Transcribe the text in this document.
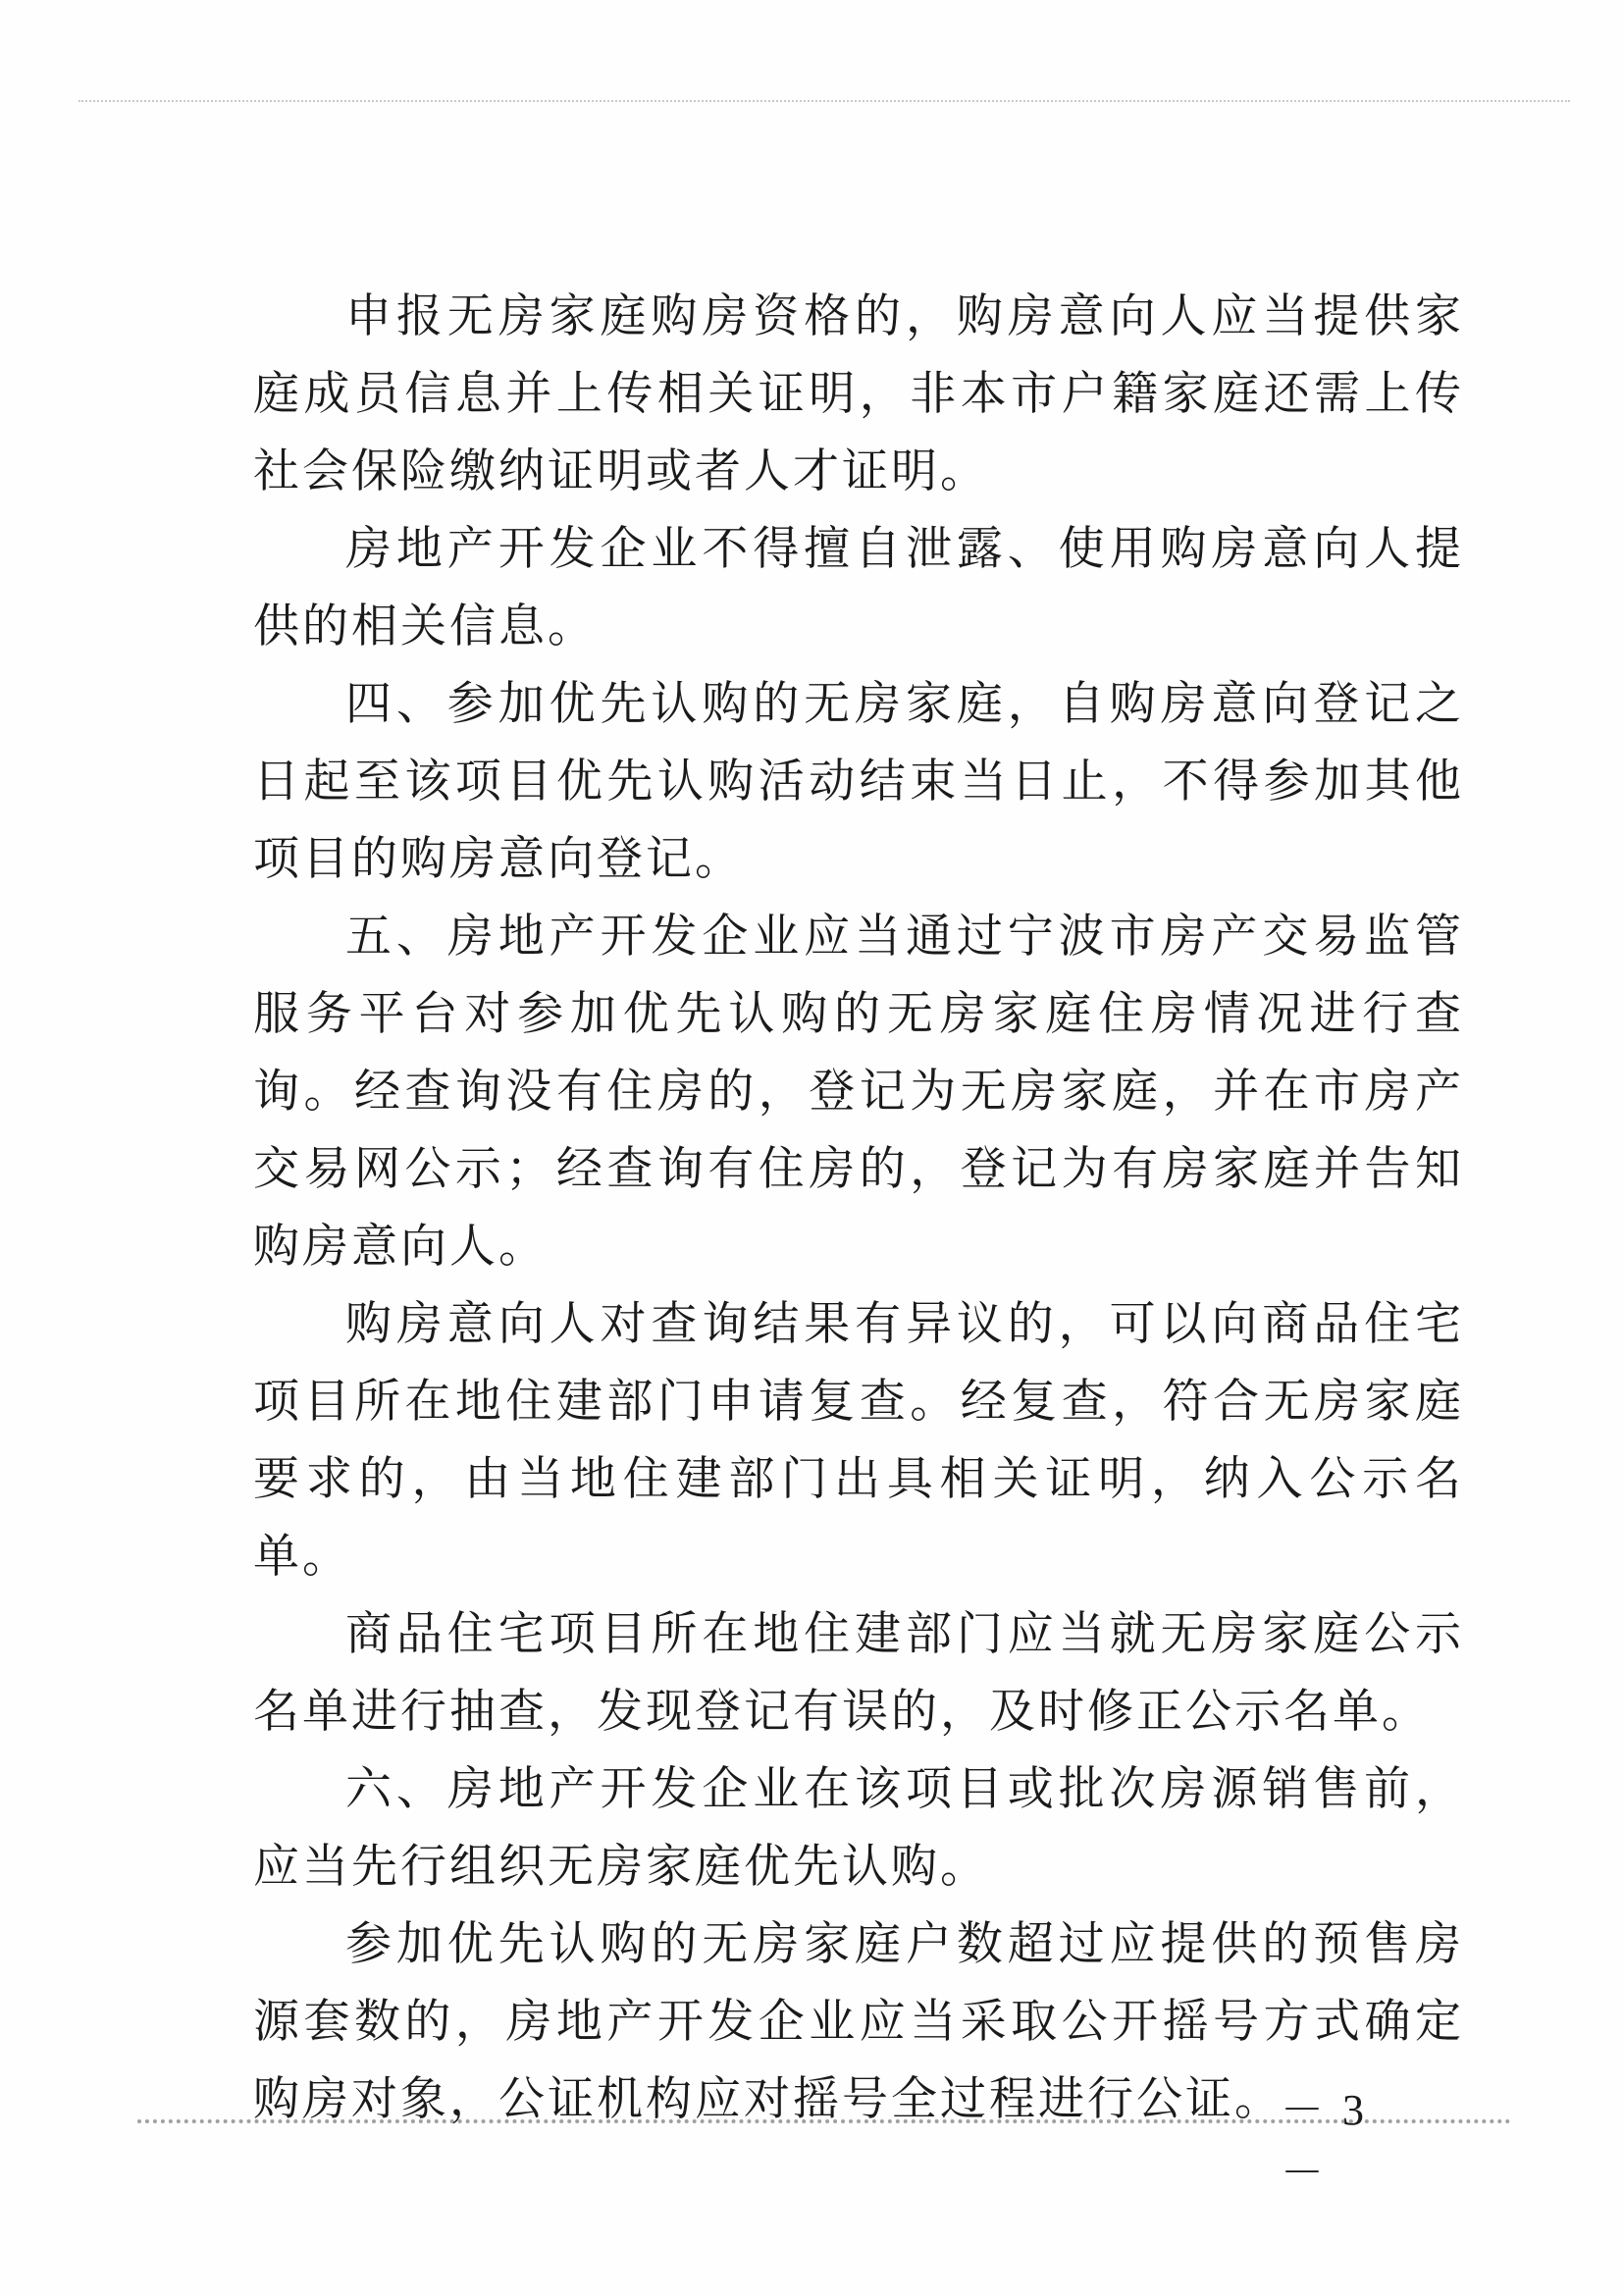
申报无房家庭购房资格的，购房意向人应当提供家庭成员信息并上传相关证明，非本市户籍家庭还需上传社会保险缴纳证明或者人才证明。

房地产开发企业不得擅自泄露、使用购房意向人提供的相关信息。

四、参加优先认购的无房家庭，自购房意向登记之日起至该项目优先认购活动结束当日止，不得参加其他项目的购房意向登记。

五、房地产开发企业应当通过宁波市房产交易监管服务平台对参加优先认购的无房家庭住房情况进行查询。经查询没有住房的，登记为无房家庭，并在市房产交易网公示；经查询有住房的，登记为有房家庭并告知购房意向人。

购房意向人对查询结果有异议的，可以向商品住宅项目所在地住建部门申请复查。经复查，符合无房家庭要求的，由当地住建部门出具相关证明，纳入公示名单。

商品住宅项目所在地住建部门应当就无房家庭公示名单进行抽查，发现登记有误的，及时修正公示名单。

六、房地产开发企业在该项目或批次房源销售前，应当先行组织无房家庭优先认购。

参加优先认购的无房家庭户数超过应提供的预售房源套数的，房地产开发企业应当采取公开摇号方式确定购房对象，公证机构应对摇号全过程进行公证。

－ 3 －
